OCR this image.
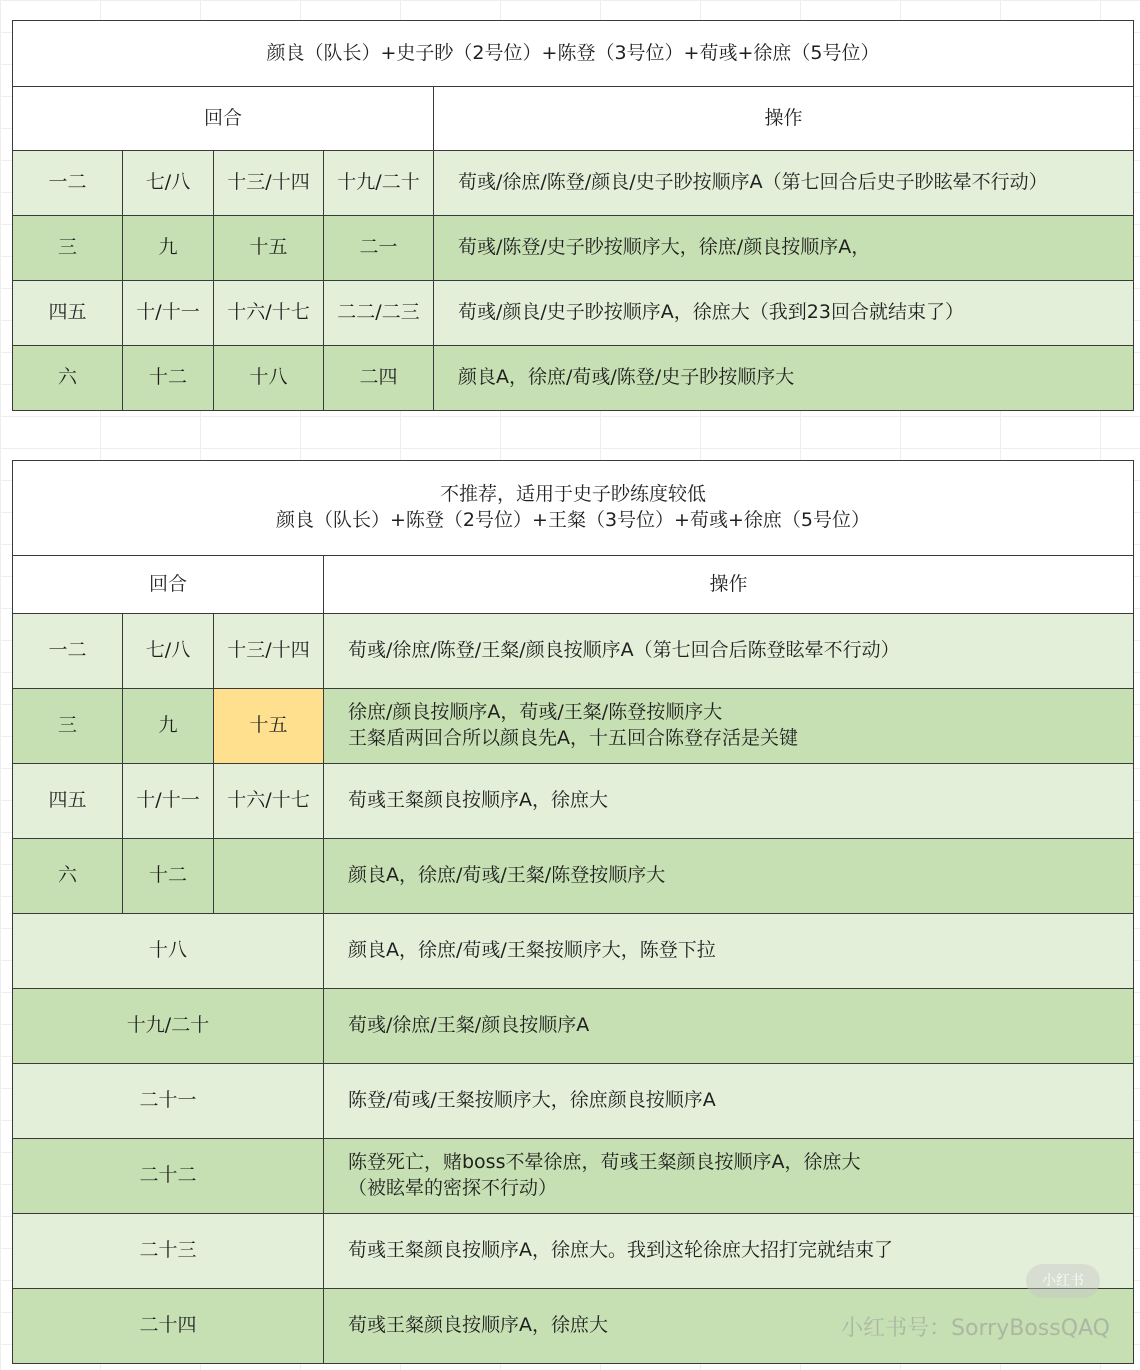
颜良（队长）+史子眇（2号位）+陈登（3号位）+荀彧+徐庶（5号位）				
回合				操作
一二	七/八	十三/十四	十九/二十	荀彧/徐庶/陈登/颜良/史子眇按顺序A（第七回合后史子眇眩晕不行动）
三	九	十五	二一	荀彧/陈登/史子眇按顺序大，徐庶/颜良按顺序A，
四五	十/十一	十六/十七	二二/二三	荀彧/颜良/史子眇按顺序A，徐庶大（我到23回合就结束了）
六	十二	十八	二四	颜良A，徐庶/荀彧/陈登/史子眇按顺序大
不推荐，适用于史子眇练度较低
颜良（队长）+陈登（2号位）+王粲（3号位）+荀彧+徐庶（5号位）			

回合			操作
一二	七/八	十三/十四	荀彧/徐庶/陈登/王粲/颜良按顺序A（第七回合后陈登眩晕不行动）

三	九	十五	徐庶/颜良按顺序A，荀彧/王粲/陈登按顺序大
王粲盾两回合所以颜良先A，十五回合陈登存活是关键

四五	十/十一	十六/十七	荀彧王粲颜良按顺序A，徐庶大

六	十二		颜良A，徐庶/荀彧/王粲/陈登按顺序大

十八			颜良A，徐庶/荀彧/王粲按顺序大，陈登下拉

十九/二十			荀彧/徐庶/王粲/颜良按顺序A

二十一			陈登/荀彧/王粲按顺序大，徐庶颜良按顺序A

二十二			陈登死亡，赌boss不晕徐庶，荀彧王粲颜良按顺序A，徐庶大
（被眩晕的密探不行动）

二十三			荀彧王粲颜良按顺序A，徐庶大。我到这轮徐庶大招打完就结束了

二十四			荀彧王粲颜良按顺序A，徐庶大
小红书
小红书号：SorryBossQAQ
